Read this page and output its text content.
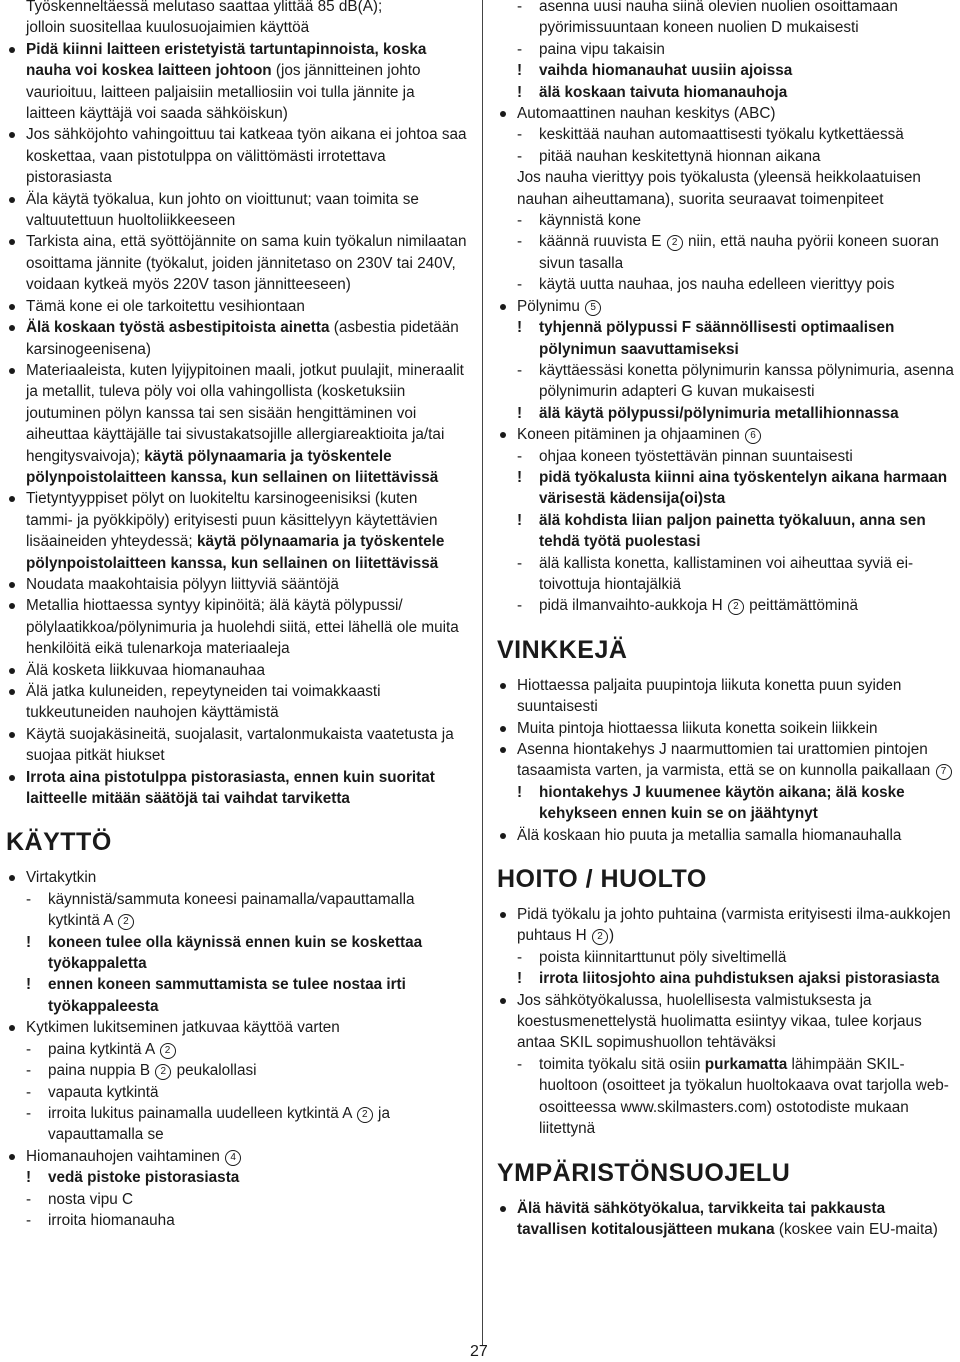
Työskenneltäessä melutaso saattaa ylittää 85 dB(A);
jolloin suositellaa kuulosuojaimien käyttöä
Pidä kiinni laitteen eristetyistä tartuntapinnoista, koska nauha voi koskea laitteen johtoon (jos jännitteinen johto vaurioituu, laitteen paljaisiin metalliosiin voi tulla jännite ja laitteen käyttäjä voi saada sähköiskun)
Jos sähköjohto vahingoittuu tai katkeaa työn aikana ei johtoa saa koskettaa, vaan pistotulppa on välittömästi irrotettava pistorasiasta
Äla käytä työkalua, kun johto on vioittunut; vaan toimita se valtuutettuun huoltoliikkeeseen
Tarkista aina, että syöttöjännite on sama kuin työkalun nimilaatan osoittama jännite (työkalut, joiden jännitetaso on 230V tai 240V, voidaan kytkeä myös 220V tason jännitteeseen)
Tämä kone ei ole tarkoitettu vesihiontaan
Älä koskaan työstä asbestipitoista ainetta (asbestia pidetään karsinogeenisena)
Materiaaleista, kuten lyijypitoinen maali, jotkut puulajit, mineraalit ja metallit, tuleva pöly voi olla vahingollista (kosketuksiin joutuminen pölyn kanssa tai sen sisään hengittäminen voi aiheuttaa käyttäjälle tai sivustakatsojille allergiareaktioita ja/tai hengitysvaivoja); käytä pölynaamaria ja työskentele pölynpoistolaitteen kanssa, kun sellainen on liitettävissä
Tietyntyyppiset pölyt on luokiteltu karsinogeenisiksi (kuten tammi- ja pyökkipöly) erityisesti puun käsittelyyn käytettävien lisäaineiden yhteydessä; käytä pölynaamaria ja työskentele pölynpoistolaitteen kanssa, kun sellainen on liitettävissä
Noudata maakohtaisia pölyyn liittyviä sääntöjä
Metallia hiottaessa syntyy kipinöitä; älä käytä pölypussi/ pölylaatikkoa/pölynimuria ja huolehdi siitä, ettei lähellä ole muita henkilöitä eikä tulenarkoja materiaaleja
Älä kosketa liikkuvaa hiomanauhaa
Älä jatka kuluneiden, repeytyneiden tai voimakkaasti tukkeutuneiden nauhojen käyttämistä
Käytä suojakäsineitä, suojalasit, vartalonmukaista vaatetusta ja suojaa pitkät hiukset
Irrota aina pistotulppa pistorasiasta, ennen kuin suoritat laitteelle mitään säätöjä tai vaihdat tarviketta
KÄYTTÖ
Virtakytkin
- käynnistä/sammuta koneesi painamalla/vapauttamalla kytkintä A 2
! koneen tulee olla käynissä ennen kuin se koskettaa työkappaletta
! ennen koneen sammuttamista se tulee nostaa irti työkappaleesta
Kytkimen lukitseminen jatkuvaa käyttöä varten
- paina kytkintä A 2
- paina nuppia B 2 peukalollasi
- vapauta kytkintä
- irroita lukitus painamalla uudelleen kytkintä A 2 ja vapauttamalla se
Hiomanauhojen vaihtaminen 4
! vedä pistoke pistorasiasta
- nosta vipu C
- irroita hiomanauha
- asenna uusi nauha siinä olevien nuolien osoittamaan pyörimissuuntaan koneen nuolien D mukaisesti
- paina vipu takaisin
! vaihda hiomanauhat uusiin ajoissa
! älä koskaan taivuta hiomanauhoja
Automaattinen nauhan keskitys (ABC)
- keskittää nauhan automaattisesti työkalu kytkettäessä
- pitää nauhan keskitettynä hionnan aikana
Jos nauha vierittyy pois työkalusta (yleensä heikkolaatuisen nauhan aiheuttamana), suorita seuraavat toimenpiteet
- käynnistä kone
- käännä ruuvista E 2 niin, että nauha pyörii koneen suoran sivun tasalla
- käytä uutta nauhaa, jos nauha edelleen vierittyy pois
Pölynimu 5
! tyhjennä pölypussi F säännöllisesti optimaalisen pölynimun saavuttamiseksi
- käyttäessäsi konetta pölynimurin kanssa pölynimuria, asenna pölynimurin adapteri G kuvan mukaisesti
! älä käytä pölypussi/pölynimuria metallihionnassa
Koneen pitäminen ja ohjaaminen 6
- ohjaa koneen työstettävän pinnan suuntaisesti
! pidä työkalusta kiinni aina työskentelyn aikana harmaan värisestä kädensija(oi)sta
! älä kohdista liian paljon painetta työkaluun, anna sen tehdä työtä puolestasi
- älä kallista konetta, kallistaminen voi aiheuttaa syviä ei-toivottuja hiontajälkiä
- pidä ilmanvaihto-aukkoja H 2 peittämättöminä
VINKKEJÄ
Hiottaessa paljaita puupintoja liikuta konetta puun syiden suuntaisesti
Muita pintoja hiottaessa liikuta konetta soikein liikkein
Asenna hiontakehys J naarmuttomien tai urattomien pintojen tasaamista varten, ja varmista, että se on kunnolla paikallaan 7
! hiontakehys J kuumenee käytön aikana; älä koske kehykseen ennen kuin se on jäähtynyt
Älä koskaan hio puuta ja metallia samalla hiomanauhalla
HOITO / HUOLTO
Pidä työkalu ja johto puhtaina (varmista erityisesti ilma-aukkojen puhtaus H 2 )
- poista kiinnitarttunut pöly siveltimellä
! irrota liitosjohto aina puhdistuksen ajaksi pistorasiasta
Jos sähkötyökalussa, huolellisesta valmistuksesta ja koestusmenettelystä huolimatta esiintyy vikaa, tulee korjaus antaa SKIL sopimushuollon tehtäväksi
- toimita työkalu sitä osiin purkamatta lähimpään SKIL-huoltoon (osoitteet ja työkalun huoltokaava ovat tarjolla web-osoitteessa www.skilmasters.com) ostotodiste mukaan liitettynä
YMPÄRISTÖNSUOJELU
Älä hävitä sähkötyökalua, tarvikkeita tai pakkausta tavallisen kotitalousjätteen mukana (koskee vain EU-maita)
27
